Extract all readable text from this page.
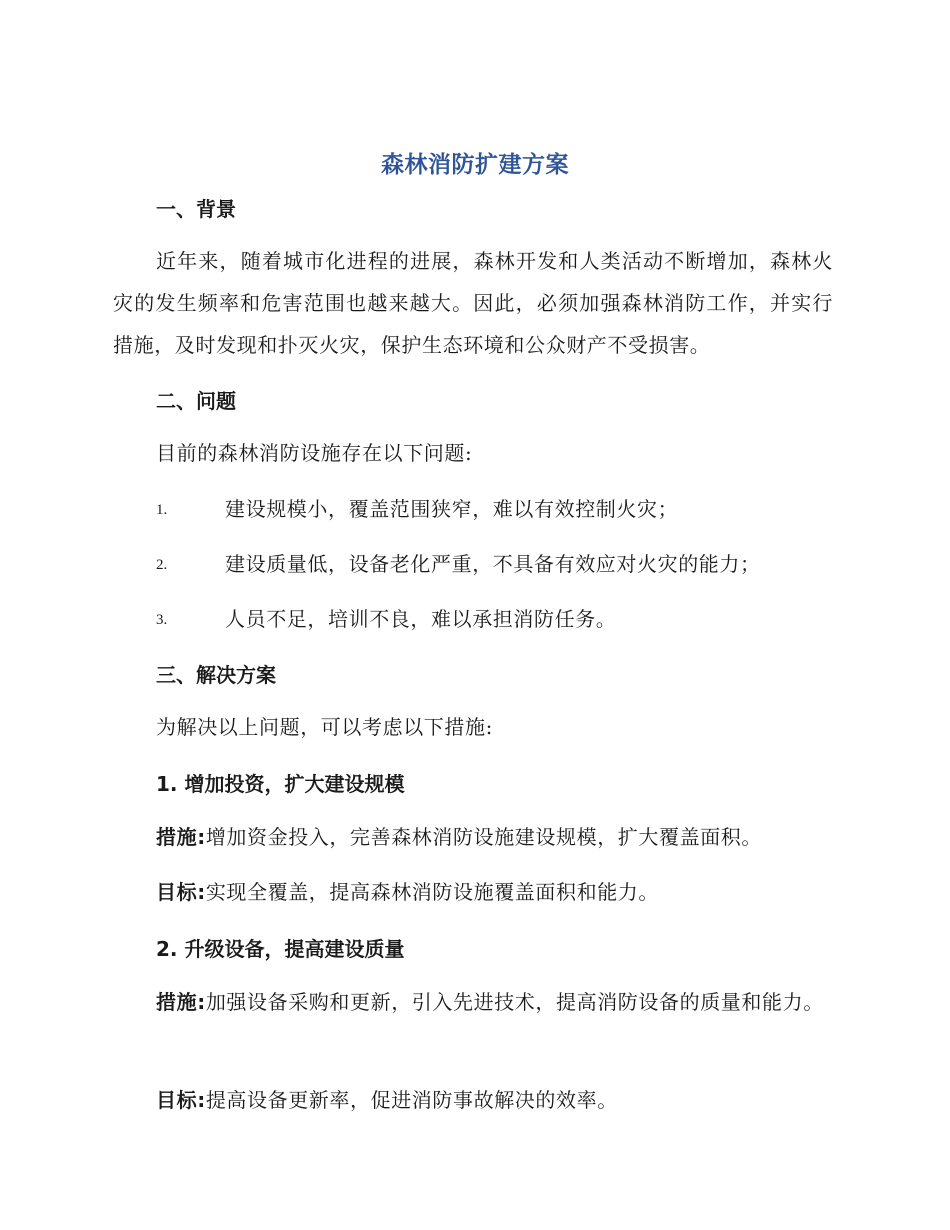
森林消防扩建方案
一、背景
近年来，随着城市化进程的进展，森林开发和人类活动不断增加，森林火灾的发生频率和危害范围也越来越大。因此，必须加强森林消防工作，并实行措施，及时发现和扑灭火灾，保护生态环境和公众财产不受损害。
二、问题
目前的森林消防设施存在以下问题:
1.	建设规模小，覆盖范围狭窄，难以有效控制火灾；
2.	建设质量低，设备老化严重，不具备有效应对火灾的能力；
3.	人员不足，培训不良，难以承担消防任务。
三、解决方案
为解决以上问题，可以考虑以下措施:
1. 增加投资，扩大建设规模
措施:增加资金投入，完善森林消防设施建设规模，扩大覆盖面积。
目标:实现全覆盖，提高森林消防设施覆盖面积和能力。
2. 升级设备，提高建设质量
措施:加强设备采购和更新，引入先进技术，提高消防设备的质量和能力。
目标:提高设备更新率，促进消防事故解决的效率。
